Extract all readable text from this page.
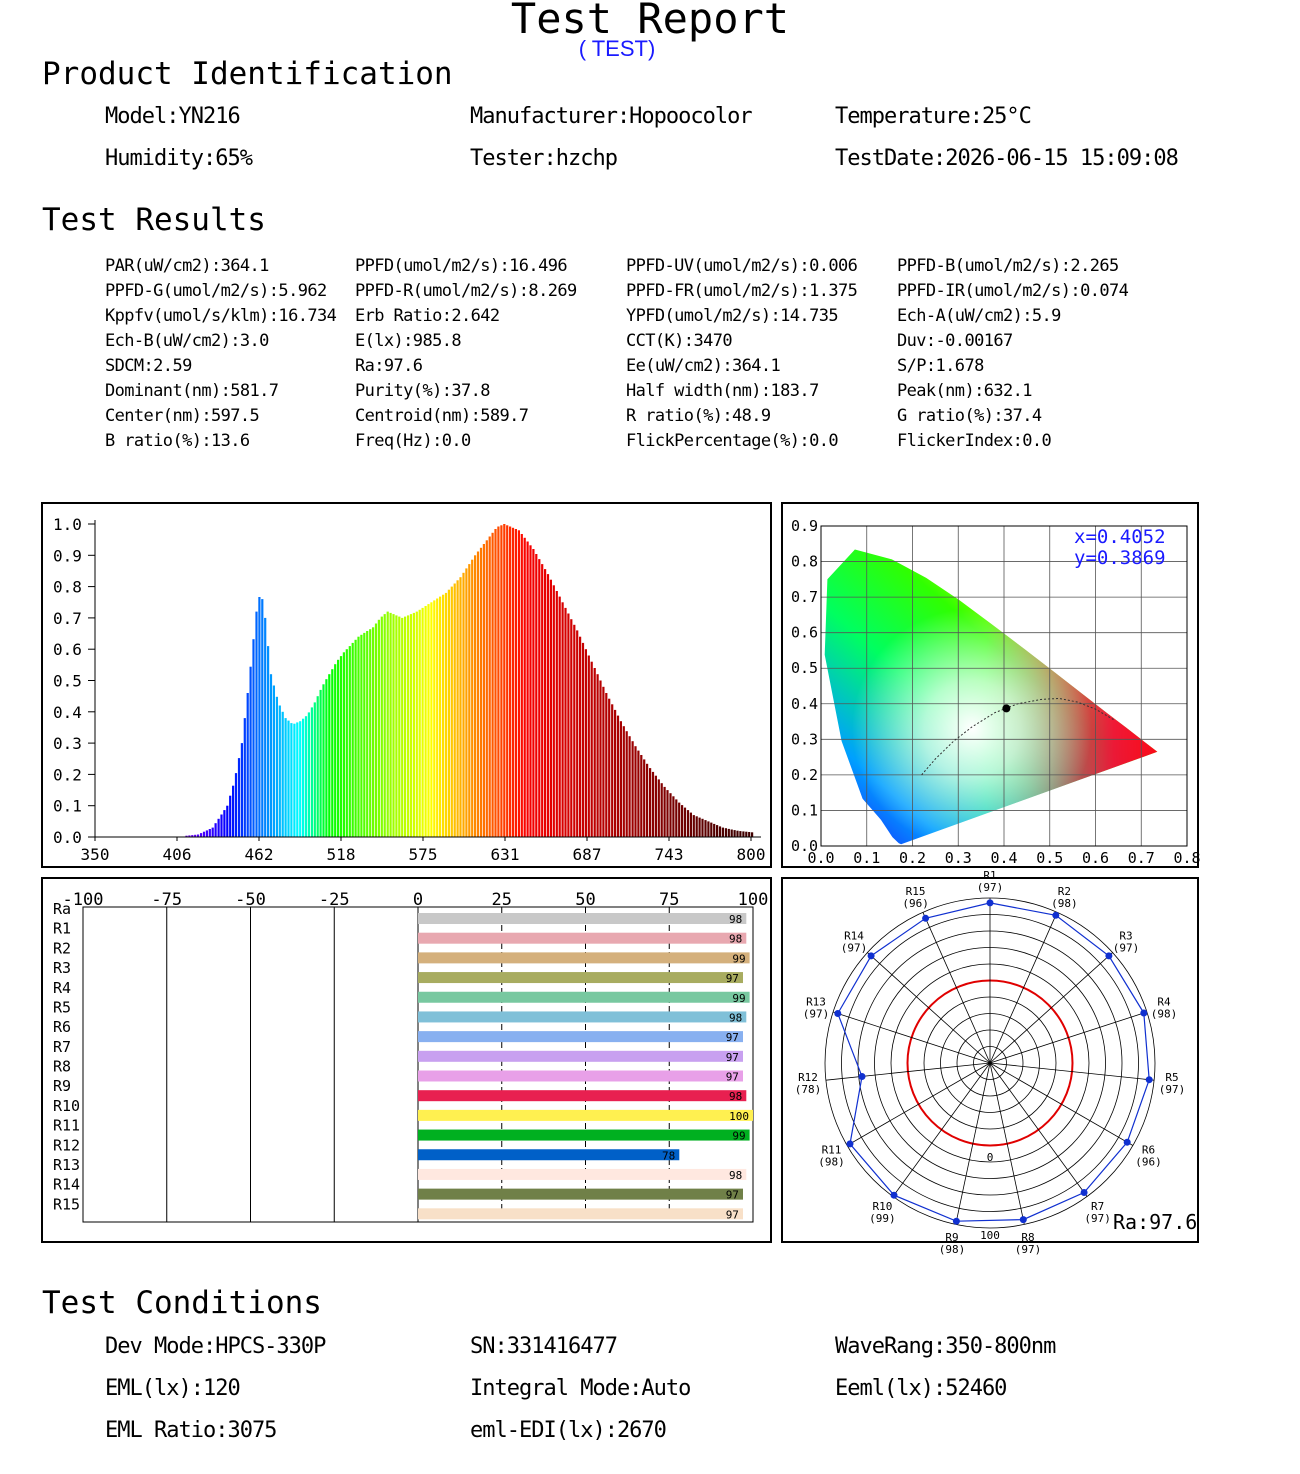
Test Report
( TEST)
Product Identification
Model:YN216	Manufacturer:Hopoocolor	Temperature:25°C
Humidity:65%	Tester:hzchp	TestDate:2026-06-15 15:09:08
Test Results
PAR(uW/cm2):364.1	PPFD(umol/m2/s):16.496	PPFD-UV(umol/m2/s):0.006 PPFD-B(umol/m2/s):2.265
PPFD-G(umol/m2/s):5.962 PPFD-R(umol/m2/s):8.269	PPFD-FR(umol/m2/s):1.375 PPFD-IR(umol/m2/s):0.074
Kppfv(umol/s/klm):16.734 Erb Ratio:2.642	YPFD(umol/m2/s):14.735	Ech-A(uW/cm2):5.9
Ech-B(uW/cm2):3.0	E(lx):985.8	CCT(K):3470	Duv:-0.00167
SDCM:2.59	Ra:97.6	Ee(uW/cm2):364.1	S/P:1.678
Dominant(nm):581.7	Purity(%):37.8	Half width(nm):183.7	Peak(nm):632.1
Center(nm):597.5	Centroid(nm):589.7	R ratio(%):48.9	G ratio(%):37.4
B ratio(%):13.6	Freq(Hz):0.0	FlickPercentage(%):0.0	FlickerIndex:0.0
0.0
0.1
0.2
0.3
0.4
0.5
0.6
0.7
0.8
0.9
1.0
350	406	462	518	575	631	687	743	800	0.0 0.1 0.2 0.3 0.4 0.5 0.6 0.7 0.8
0.0
0.1
0.2
0.3
0.4
0.5
0.6
0.7
0.8
0.9	x=0.4052
y=0.3869
-100	-75	-50	-25	0	25	50	75	100
Ra
98
R1
98
R2
99
R3
97
R4
99
R5
98
R6
97
R7
97
R8
97
R9
98
R10
100
R11
99
R12
78
R13
98
R14
97
R15
97
R1
(97)	R2
(98)
R3
(97)
R4
(98)
R5
(97)
R6
(96)
R7
(97)
R8
(97)
R9
(98)
R10
(99)
R11
(98)
R12
(78)
R13
(97)
R14
(97)
R15
(96)
0
100
Ra:97.6
Test Conditions
Dev Mode:HPCS-330P	SN:331416477	WaveRang:350-800nm
EML(lx):120	Integral Mode:Auto	Eeml(lx):52460
EML Ratio:3075	eml-EDI(lx):2670
